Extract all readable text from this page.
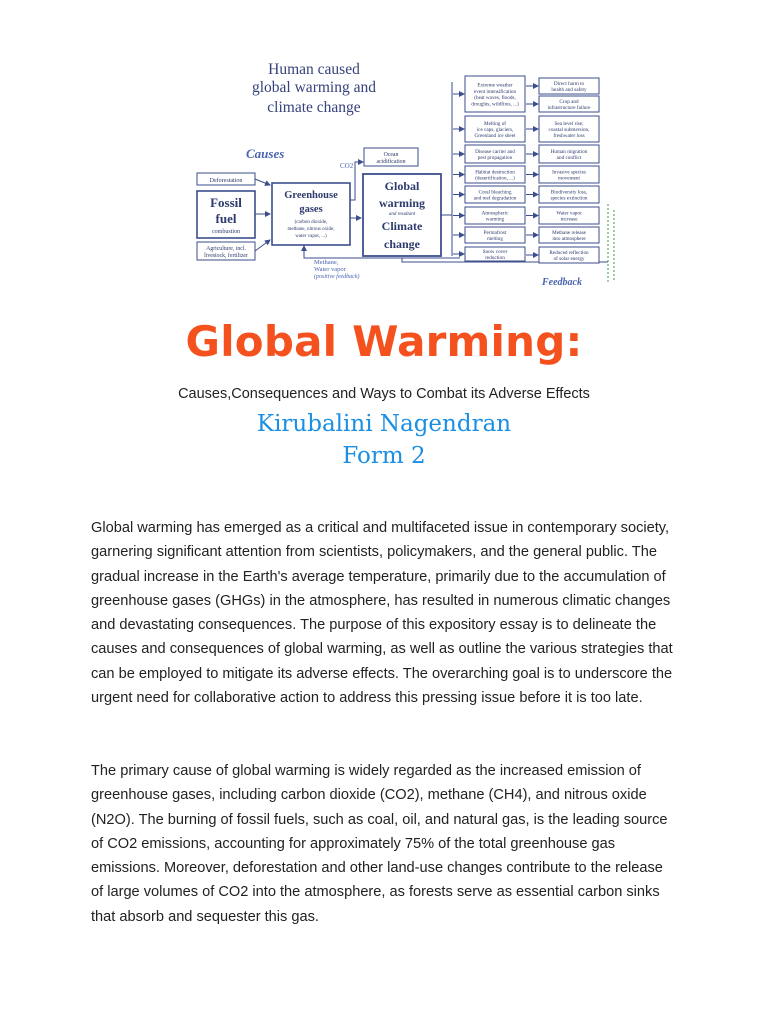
Human caused
global warming and
climate change
Causes
Deforestation
Fossil
fuel
combustion
Agriculture, incl.
livestock, fertilizer
Greenhouse
gases
(carbon dioxide,
methane, nitrous oxide,
water vapor, ...)
CO2
Ocean
acidification
Global
warming
and resultant
Climate
change
Methane,
Water vapor
(positive feedback)
Extreme weather
event intensification
(heat waves, floods,
droughts, wildfires, ...)
Melting of
ice caps, glaciers,
Greenland ice sheet
Disease carrier and
pest propagation
Habitat destruction
(desertification, ...)
Coral bleaching
and reef degradation
Atmospheric
warming
Permafrost
melting
Snow cover
reduction
Direct harm to
health and safety
Crop and
infrastructure failure
Sea level rise;
coastal submersion,
freshwater loss
Human migration
and conflict
Invasive species
movement
Biodiversity loss,
species extinction
Water vapor
increase
Methane release
into atmosphere
Reduced reflection
of solar energy
Feedback
Global Warming:
Causes,Consequences and Ways to Combat its Adverse Effects
Kirubalini Nagendran
Form 2

Global warming has emerged as a critical and multifaceted issue in contemporary society, garnering significant attention from scientists, policymakers, and the general public. The gradual increase in the Earth's average temperature, primarily due to the accumulation of greenhouse gases (GHGs) in the atmosphere, has resulted in numerous climatic changes and devastating consequences. The purpose of this expository essay is to delineate the causes and consequences of global warming, as well as outline the various strategies that can be employed to mitigate its adverse effects. The overarching goal is to underscore the urgent need for collaborative action to address this pressing issue before it is too late.

The primary cause of global warming is widely regarded as the increased emission of greenhouse gases, including carbon dioxide (CO2), methane (CH4), and nitrous oxide (N2O). The burning of fossil fuels, such as coal, oil, and natural gas, is the leading source of CO2 emissions, accounting for approximately 75% of the total greenhouse gas emissions. Moreover, deforestation and other land-use changes contribute to the release of large volumes of CO2 into the atmosphere, as forests serve as essential carbon sinks that absorb and sequester this gas.
